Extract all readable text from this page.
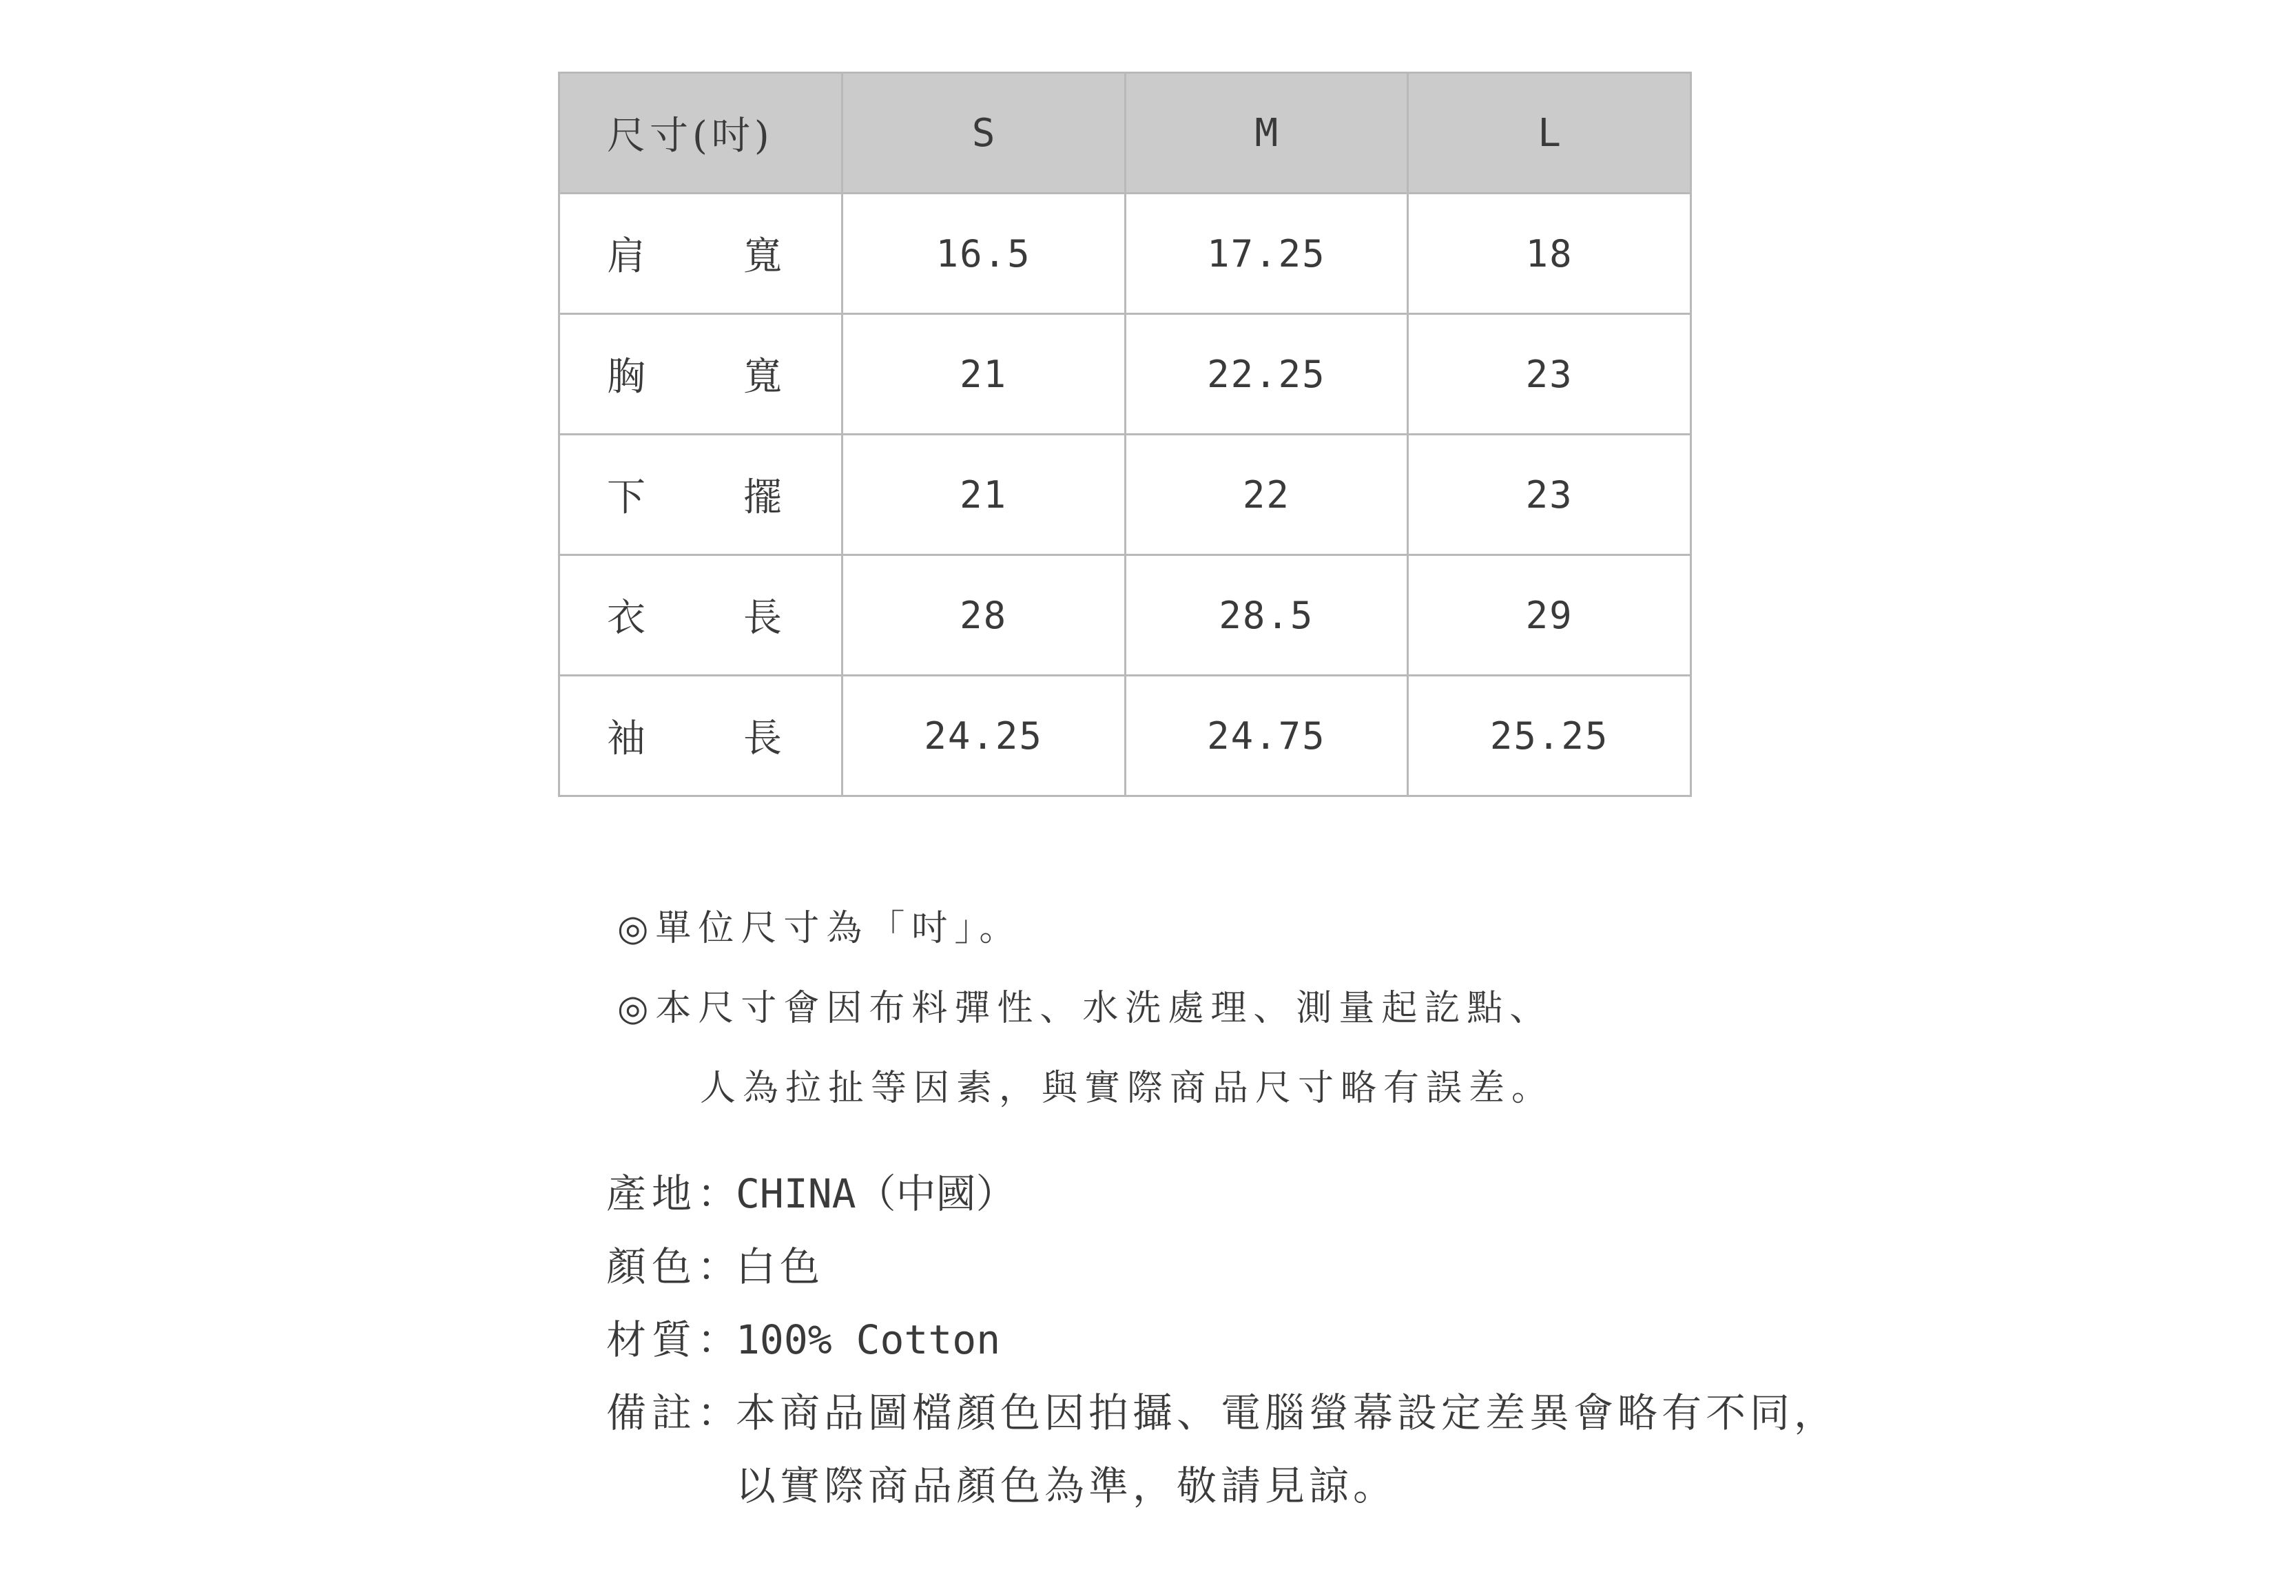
尺寸(吋)	S	M	L

肩 寬	16.5	17.25	18

胸 寬	21	22.25	23

下 擺	21	22	23

衣 長	28	28.5	29

袖 長	24.25	24.75	25.25
◎單位尺寸為「吋」。
◎本尺寸會因布料彈性、水洗處理、測量起訖點、
人為拉扯等因素，與實際商品尺寸略有誤差。
產地：
CHINA（中國）
顏色：
白色
材質：
100% Cotton
備註：
本商品圖檔顏色因拍攝、電腦螢幕設定差異會略有不同，
以實際商品顏色為準，敬請見諒。
